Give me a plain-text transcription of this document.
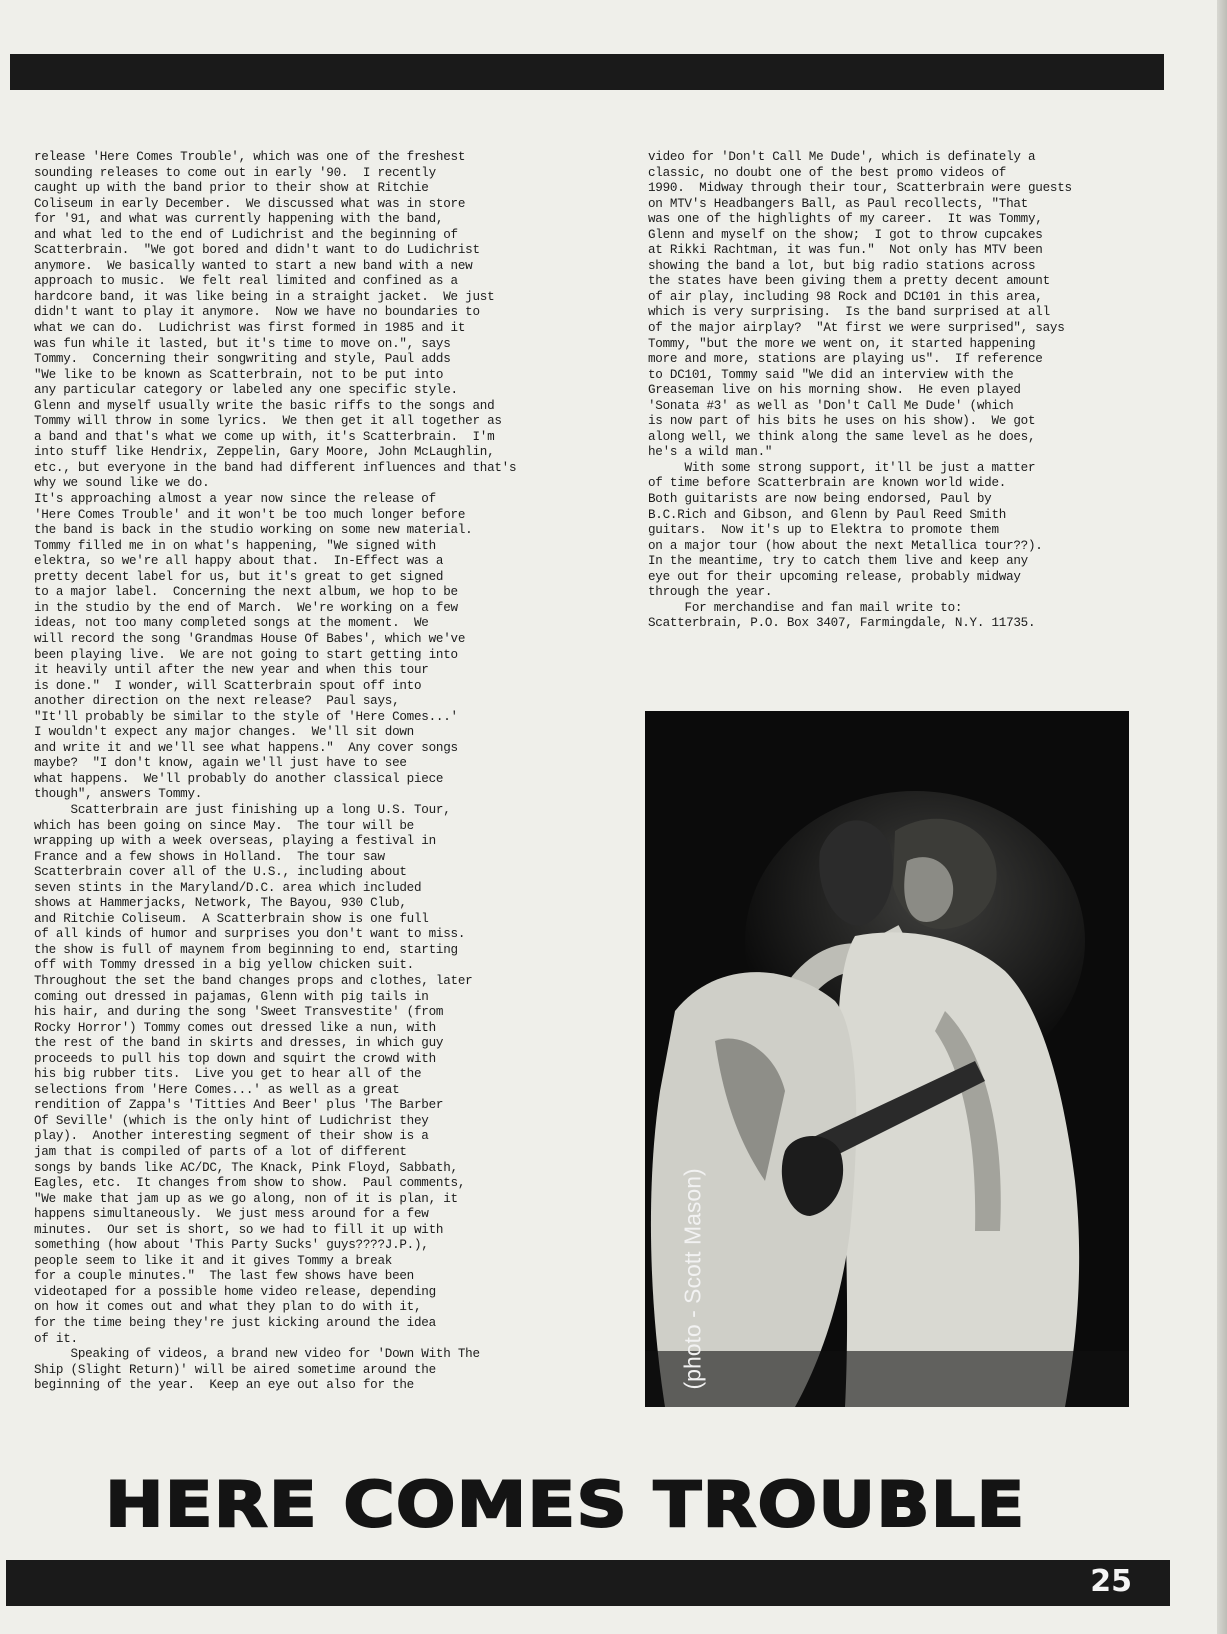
release 'Here Comes Trouble', which was one of the freshest

sounding releases to come out in early '90.  I recently

caught up with the band prior to their show at Ritchie

Coliseum in early December.  We discussed what was in store

for '91, and what was currently happening with the band,

and what led to the end of Ludichrist and the beginning of

Scatterbrain.  "We got bored and didn't want to do Ludichrist

anymore.  We basically wanted to start a new band with a new

approach to music.  We felt real limited and confined as a

hardcore band, it was like being in a straight jacket.  We just

didn't want to play it anymore.  Now we have no boundaries to

what we can do.  Ludichrist was first formed in 1985 and it

was fun while it lasted, but it's time to move on.", says

Tommy.  Concerning their songwriting and style, Paul adds

"We like to be known as Scatterbrain, not to be put into

any particular category or labeled any one specific style.

Glenn and myself usually write the basic riffs to the songs and

Tommy will throw in some lyrics.  We then get it all together as

a band and that's what we come up with, it's Scatterbrain.  I'm

into stuff like Hendrix, Zeppelin, Gary Moore, John McLaughlin,

etc., but everyone in the band had different influences and that's

why we sound like we do.

It's approaching almost a year now since the release of

'Here Comes Trouble' and it won't be too much longer before

the band is back in the studio working on some new material.

Tommy filled me in on what's happening, "We signed with

elektra, so we're all happy about that.  In-Effect was a

pretty decent label for us, but it's great to get signed

to a major label.  Concerning the next album, we hop to be

in the studio by the end of March.  We're working on a few

ideas, not too many completed songs at the moment.  We

will record the song 'Grandmas House Of Babes', which we've

been playing live.  We are not going to start getting into

it heavily until after the new year and when this tour

is done."  I wonder, will Scatterbrain spout off into

another direction on the next release?  Paul says,

"It'll probably be similar to the style of 'Here Comes...'

I wouldn't expect any major changes.  We'll sit down

and write it and we'll see what happens."  Any cover songs

maybe?  "I don't know, again we'll just have to see

what happens.  We'll probably do another classical piece

though", answers Tommy.

Scatterbrain are just finishing up a long U.S. Tour,

which has been going on since May.  The tour will be

wrapping up with a week overseas, playing a festival in

France and a few shows in Holland.  The tour saw

Scatterbrain cover all of the U.S., including about

seven stints in the Maryland/D.C. area which included

shows at Hammerjacks, Network, The Bayou, 930 Club,

and Ritchie Coliseum.  A Scatterbrain show is one full

of all kinds of humor and surprises you don't want to miss.

the show is full of maynem from beginning to end, starting

off with Tommy dressed in a big yellow chicken suit.

Throughout the set the band changes props and clothes, later

coming out dressed in pajamas, Glenn with pig tails in

his hair, and during the song 'Sweet Transvestite' (from

Rocky Horror') Tommy comes out dressed like a nun, with

the rest of the band in skirts and dresses, in which guy

proceeds to pull his top down and squirt the crowd with

his big rubber tits.  Live you get to hear all of the

selections from 'Here Comes...' as well as a great

rendition of Zappa's 'Titties And Beer' plus 'The Barber

Of Seville' (which is the only hint of Ludichrist they

play).  Another interesting segment of their show is a

jam that is compiled of parts of a lot of different

songs by bands like AC/DC, The Knack, Pink Floyd, Sabbath,

Eagles, etc.  It changes from show to show.  Paul comments,

"We make that jam up as we go along, non of it is plan, it

happens simultaneously.  We just mess around for a few

minutes.  Our set is short, so we had to fill it up with

something (how about 'This Party Sucks' guys????J.P.),

people seem to like it and it gives Tommy a break

for a couple minutes."  The last few shows have been

videotaped for a possible home video release, depending

on how it comes out and what they plan to do with it,

for the time being they're just kicking around the idea

of it.

Speaking of videos, a brand new video for 'Down With The

Ship (Slight Return)' will be aired sometime around the

beginning of the year.  Keep an eye out also for the

video for 'Don't Call Me Dude', which is definately a

classic, no doubt one of the best promo videos of

1990.  Midway through their tour, Scatterbrain were guests

on MTV's Headbangers Ball, as Paul recollects, "That

was one of the highlights of my career.  It was Tommy,

Glenn and myself on the show;  I got to throw cupcakes

at Rikki Rachtman, it was fun."  Not only has MTV been

showing the band a lot, but big radio stations across

the states have been giving them a pretty decent amount

of air play, including 98 Rock and DC101 in this area,

which is very surprising.  Is the band surprised at all

of the major airplay?  "At first we were surprised", says

Tommy, "but the more we went on, it started happening

more and more, stations are playing us".  If reference

to DC101, Tommy said "We did an interview with the

Greaseman live on his morning show.  He even played

'Sonata #3' as well as 'Don't Call Me Dude' (which

is now part of his bits he uses on his show).  We got

along well, we think along the same level as he does,

he's a wild man."

With some strong support, it'll be just a matter

of time before Scatterbrain are known world wide.

Both guitarists are now being endorsed, Paul by

B.C.Rich and Gibson, and Glenn by Paul Reed Smith

guitars.  Now it's up to Elektra to promote them

on a major tour (how about the next Metallica tour??).

In the meantime, try to catch them live and keep any

eye out for their upcoming release, probably midway

through the year.

For merchandise and fan mail write to:

Scatterbrain, P.O. Box 3407, Farmingdale, N.Y. 11735.

(photo - Scott Mason)
HERE COMES TROUBLE
25
